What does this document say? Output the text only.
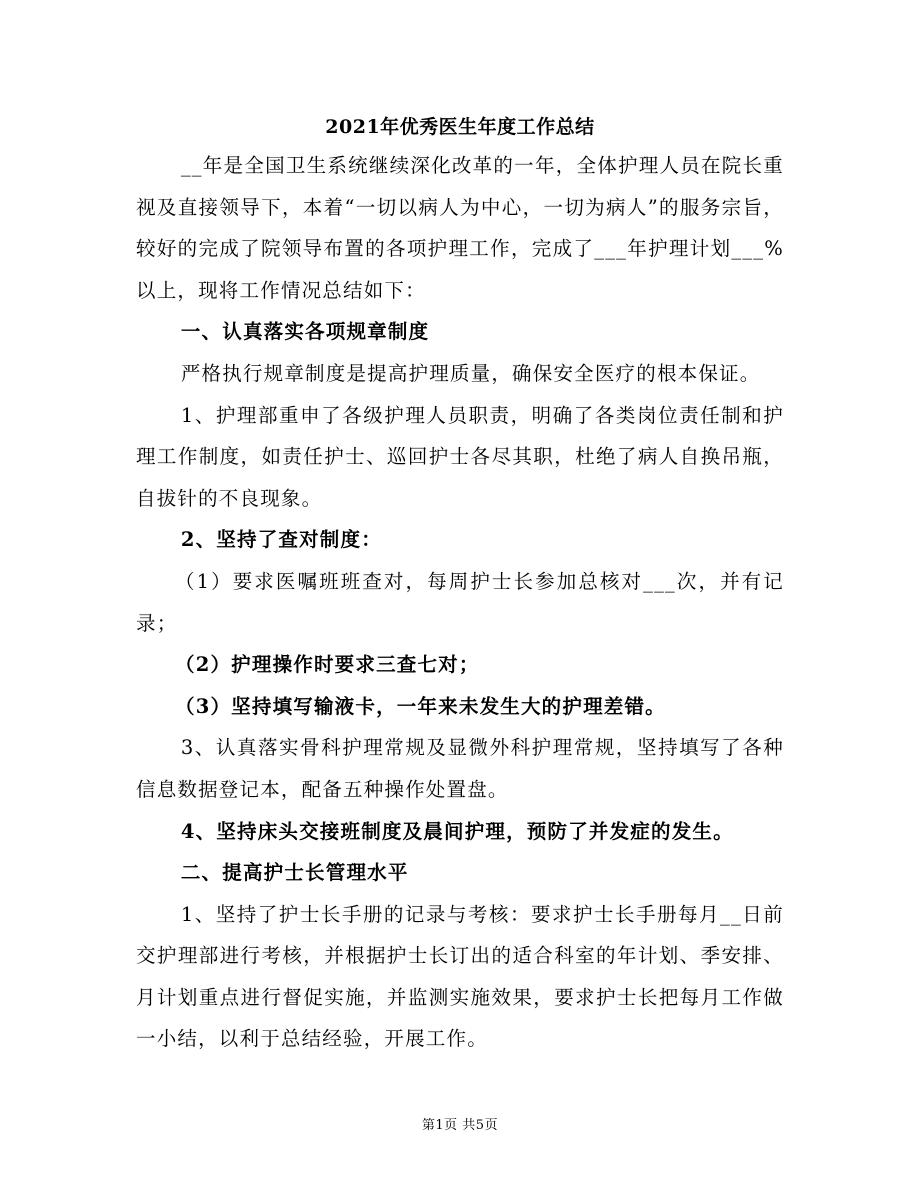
2021年优秀医生年度工作总结

__年是全国卫生系统继续深化改革的一年，全体护理人员在院长重视及直接领导下，本着“一切以病人为中心，一切为病人”的服务宗旨，较好的完成了院领导布置的各项护理工作，完成了___年护理计划___%以上，现将工作情况总结如下：

一、认真落实各项规章制度

严格执行规章制度是提高护理质量，确保安全医疗的根本保证。

1、护理部重申了各级护理人员职责，明确了各类岗位责任制和护理工作制度，如责任护士、巡回护士各尽其职，杜绝了病人自换吊瓶，自拔针的不良现象。

2、坚持了查对制度：

（1）要求医嘱班班查对，每周护士长参加总核对___次，并有记录；

（2）护理操作时要求三查七对；

（3）坚持填写输液卡，一年来未发生大的护理差错。

3、认真落实骨科护理常规及显微外科护理常规，坚持填写了各种信息数据登记本，配备五种操作处置盘。

4、坚持床头交接班制度及晨间护理，预防了并发症的发生。

二、提高护士长管理水平

1、坚持了护士长手册的记录与考核：要求护士长手册每月__日前交护理部进行考核，并根据护士长订出的适合科室的年计划、季安排、月计划重点进行督促实施，并监测实施效果，要求护士长把每月工作做一小结，以利于总结经验，开展工作。

第1页 共5页
